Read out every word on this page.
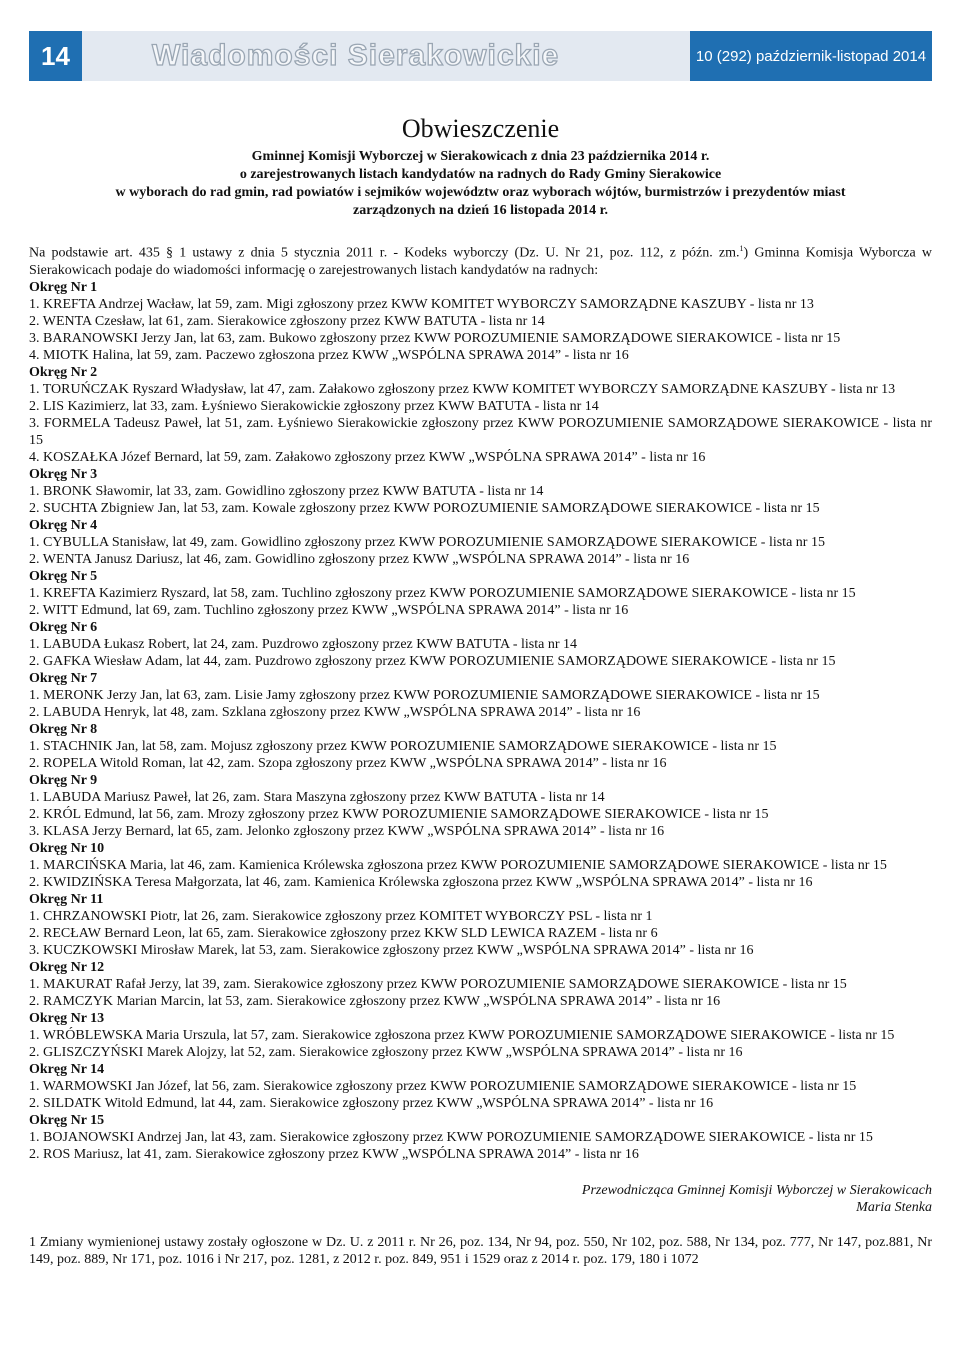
14	Wiadomości Sierakowickie	10 (292) październik-listopad 2014
Obwieszczenie

Gminnej Komisji Wyborczej w Sierakowicach z dnia 23 października 2014 r.

o zarejestrowanych listach kandydatów na radnych do Rady Gminy Sierakowice

w wyborach do rad gmin, rad powiatów i sejmików województw oraz wyborach wójtów, burmistrzów i prezydentów miast

zarządzonych na dzień 16 listopada 2014 r.

Na podstawie art. 435 § 1 ustawy z dnia 5 stycznia 2011 r. - Kodeks wyborczy (Dz. U. Nr 21, poz. 112, z późn. zm.$^1$) Gminna Komisja Wyborcza w Sierakowicach podaje do wiadomości informację o zarejestrowanych listach kandydatów na radnych:

Okręg Nr 1
1. KREFTA Andrzej Wacław, lat 59, zam. Migi zgłoszony przez KWW KOMITET WYBORCZY SAMORZĄDNE KASZUBY - lista nr 13
2. WENTA Czesław, lat 61, zam. Sierakowice zgłoszony przez KWW BATUTA - lista nr 14
3. BARANOWSKI Jerzy Jan, lat 63, zam. Bukowo zgłoszony przez KWW POROZUMIENIE SAMORZĄDOWE SIERAKOWICE - lista nr 15
4. MIOTK Halina, lat 59, zam. Paczewo zgłoszona przez KWW „WSPÓLNA SPRAWA 2014” - lista nr 16
Okręg Nr 2
1. TORUŃCZAK Ryszard Władysław, lat 47, zam. Załakowo zgłoszony przez KWW KOMITET WYBORCZY SAMORZĄDNE KASZUBY - lista nr 13
2. LIS Kazimierz, lat 33, zam. Łyśniewo Sierakowickie zgłoszony przez KWW BATUTA - lista nr 14
3. FORMELA Tadeusz Paweł, lat 51, zam. Łyśniewo Sierakowickie zgłoszony przez KWW POROZUMIENIE SAMORZĄDOWE SIERAKOWICE - lista nr 15
4. KOSZAŁKA Józef Bernard, lat 59, zam. Załakowo zgłoszony przez KWW „WSPÓLNA SPRAWA 2014” - lista nr 16
Okręg Nr 3
1. BRONK Sławomir, lat 33, zam. Gowidlino zgłoszony przez KWW BATUTA - lista nr 14
2. SUCHTA Zbigniew Jan, lat 53, zam. Kowale zgłoszony przez KWW POROZUMIENIE SAMORZĄDOWE SIERAKOWICE - lista nr 15
Okręg Nr 4
1. CYBULLA Stanisław, lat 49, zam. Gowidlino zgłoszony przez KWW POROZUMIENIE SAMORZĄDOWE SIERAKOWICE - lista nr 15
2. WENTA Janusz Dariusz, lat 46, zam. Gowidlino zgłoszony przez KWW „WSPÓLNA SPRAWA 2014” - lista nr 16
Okręg Nr 5
1. KREFTA Kazimierz Ryszard, lat 58, zam. Tuchlino zgłoszony przez KWW POROZUMIENIE SAMORZĄDOWE SIERAKOWICE - lista nr 15
2. WITT Edmund, lat 69, zam. Tuchlino zgłoszony przez KWW „WSPÓLNA SPRAWA 2014” - lista nr 16
Okręg Nr 6
1. LABUDA Łukasz Robert, lat 24, zam. Puzdrowo zgłoszony przez KWW BATUTA - lista nr 14
2. GAFKA Wiesław Adam, lat 44, zam. Puzdrowo zgłoszony przez KWW POROZUMIENIE SAMORZĄDOWE SIERAKOWICE - lista nr 15
Okręg Nr 7
1. MERONK Jerzy Jan, lat 63, zam. Lisie Jamy zgłoszony przez KWW POROZUMIENIE SAMORZĄDOWE SIERAKOWICE - lista nr 15
2. LABUDA Henryk, lat 48, zam. Szklana zgłoszony przez KWW „WSPÓLNA SPRAWA 2014” - lista nr 16
Okręg Nr 8
1. STACHNIK Jan, lat 58, zam. Mojusz zgłoszony przez KWW POROZUMIENIE SAMORZĄDOWE SIERAKOWICE - lista nr 15
2. ROPELA Witold Roman, lat 42, zam. Szopa zgłoszony przez KWW „WSPÓLNA SPRAWA 2014” - lista nr 16
Okręg Nr 9
1. LABUDA Mariusz Paweł, lat 26, zam. Stara Maszyna zgłoszony przez KWW BATUTA - lista nr 14
2. KRÓL Edmund, lat 56, zam. Mrozy zgłoszony przez KWW POROZUMIENIE SAMORZĄDOWE SIERAKOWICE - lista nr 15
3. KLASA Jerzy Bernard, lat 65, zam. Jelonko zgłoszony przez KWW „WSPÓLNA SPRAWA 2014” - lista nr 16
Okręg Nr 10
1. MARCIŃSKA Maria, lat 46, zam. Kamienica Królewska zgłoszona przez KWW POROZUMIENIE SAMORZĄDOWE SIERAKOWICE - lista nr 15
2. KWIDZIŃSKA Teresa Małgorzata, lat 46, zam. Kamienica Królewska zgłoszona przez KWW „WSPÓLNA SPRAWA 2014” - lista nr 16
Okręg Nr 11
1. CHRZANOWSKI Piotr, lat 26, zam. Sierakowice zgłoszony przez KOMITET WYBORCZY PSL - lista nr 1
2. RECŁAW Bernard Leon, lat 65, zam. Sierakowice zgłoszony przez KKW SLD LEWICA RAZEM - lista nr 6
3. KUCZKOWSKI Mirosław Marek, lat 53, zam. Sierakowice zgłoszony przez KWW „WSPÓLNA SPRAWA 2014” - lista nr 16
Okręg Nr 12
1. MAKURAT Rafał Jerzy, lat 39, zam. Sierakowice zgłoszony przez KWW POROZUMIENIE SAMORZĄDOWE SIERAKOWICE - lista nr 15
2. RAMCZYK Marian Marcin, lat 53, zam. Sierakowice zgłoszony przez KWW „WSPÓLNA SPRAWA 2014” - lista nr 16
Okręg Nr 13
1. WRÓBLEWSKA Maria Urszula, lat 57, zam. Sierakowice zgłoszona przez KWW POROZUMIENIE SAMORZĄDOWE SIERAKOWICE - lista nr 15
2. GLISZCZYŃSKI Marek Alojzy, lat 52, zam. Sierakowice zgłoszony przez KWW „WSPÓLNA SPRAWA 2014” - lista nr 16
Okręg Nr 14
1. WARMOWSKI Jan Józef, lat 56, zam. Sierakowice zgłoszony przez KWW POROZUMIENIE SAMORZĄDOWE SIERAKOWICE - lista nr 15
2. SILDATK Witold Edmund, lat 44, zam. Sierakowice zgłoszony przez KWW „WSPÓLNA SPRAWA 2014” - lista nr 16
Okręg Nr 15
1. BOJANOWSKI Andrzej Jan, lat 43, zam. Sierakowice zgłoszony przez KWW POROZUMIENIE SAMORZĄDOWE SIERAKOWICE - lista nr 15
2. ROS Mariusz, lat 41, zam. Sierakowice zgłoszony przez KWW „WSPÓLNA SPRAWA 2014” - lista nr 16
Przewodnicząca Gminnej Komisji Wyborczej w Sierakowicach
Maria Stenka
1 Zmiany wymienionej ustawy zostały ogłoszone w Dz. U. z 2011 r. Nr 26, poz. 134, Nr 94, poz. 550, Nr 102, poz. 588, Nr 134, poz. 777, Nr 147, poz.881, Nr 149, poz. 889, Nr 171, poz. 1016 i Nr 217, poz. 1281, z 2012 r. poz. 849, 951 i 1529 oraz z 2014 r. poz. 179, 180 i 1072
